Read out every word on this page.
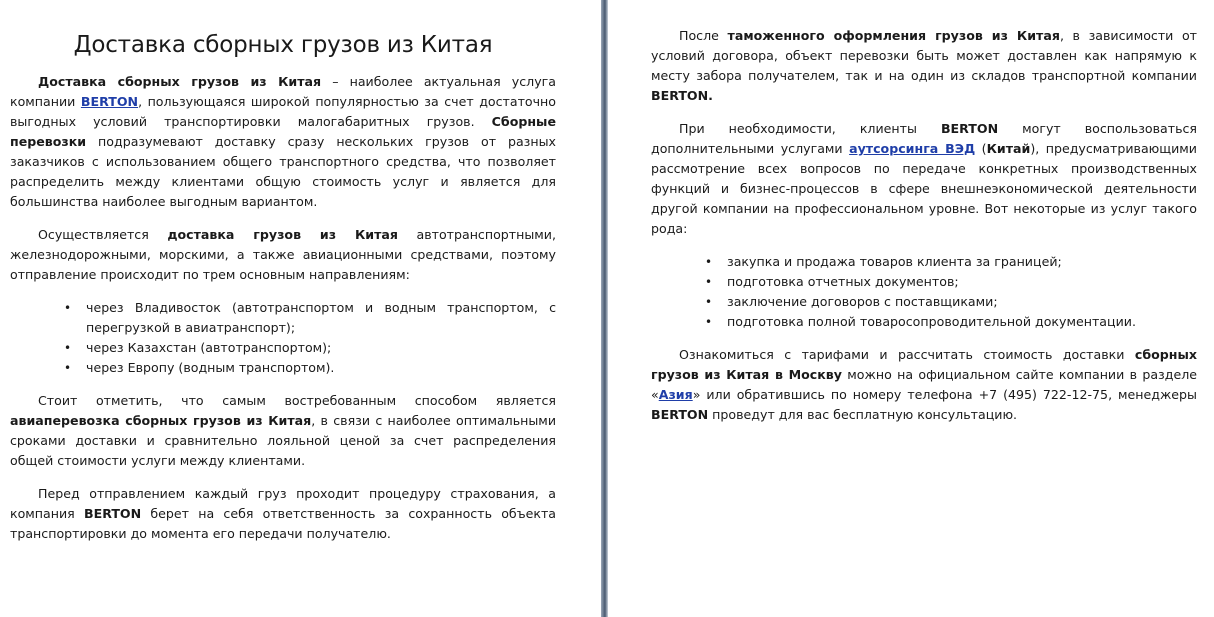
Доставка сборных грузов из Китая

Доставка сборных грузов из Китая – наиболее актуальная услуга компании BERTON, пользующаяся широкой популярностью за счет достаточно выгодных условий транспортировки малогабаритных грузов. Сборные перевозки подразумевают доставку сразу нескольких грузов от разных заказчиков с использованием общего транспортного средства, что позволяет распределить между клиентами общую стоимость услуг и является для большинства наиболее выгодным вариантом.

Осуществляется доставка грузов из Китая автотранспортными, железнодорожными, морскими, а также авиационными средствами, поэтому отправление происходит по трем основным направлениям:

• через Владивосток (автотранспортом и водным транспортом, с перегрузкой в авиатранспорт);
• через Казахстан (автотранспортом);
• через Европу (водным транспортом).

Стоит отметить, что самым востребованным способом является авиаперевозка сборных грузов из Китая, в связи с наиболее оптимальными сроками доставки и сравнительно лояльной ценой за счет распределения общей стоимости услуги между клиентами.

Перед отправлением каждый груз проходит процедуру страхования, а компания BERTON берет на себя ответственность за сохранность объекта транспортировки до момента его передачи получателю.

После таможенного оформления грузов из Китая, в зависимости от условий договора, объект перевозки быть может доставлен как напрямую к месту забора получателем, так и на один из складов транспортной компании BERTON.

При необходимости, клиенты BERTON могут воспользоваться дополнительными услугами аутсорсинга ВЭД (Китай), предусматривающими рассмотрение всех вопросов по передаче конкретных производственных функций и бизнес-процессов в сфере внешнеэкономической деятельности другой компании на профессиональном уровне. Вот некоторые из услуг такого рода:

• закупка и продажа товаров клиента за границей;
• подготовка отчетных документов;
• заключение договоров с поставщиками;
• подготовка полной товаросопроводительной документации.

Ознакомиться с тарифами и рассчитать стоимость доставки сборных грузов из Китая в Москву можно на официальном сайте компании в разделе «Азия» или обратившись по номеру телефона +7 (495) 722-12-75, менеджеры BERTON проведут для вас бесплатную консультацию.
